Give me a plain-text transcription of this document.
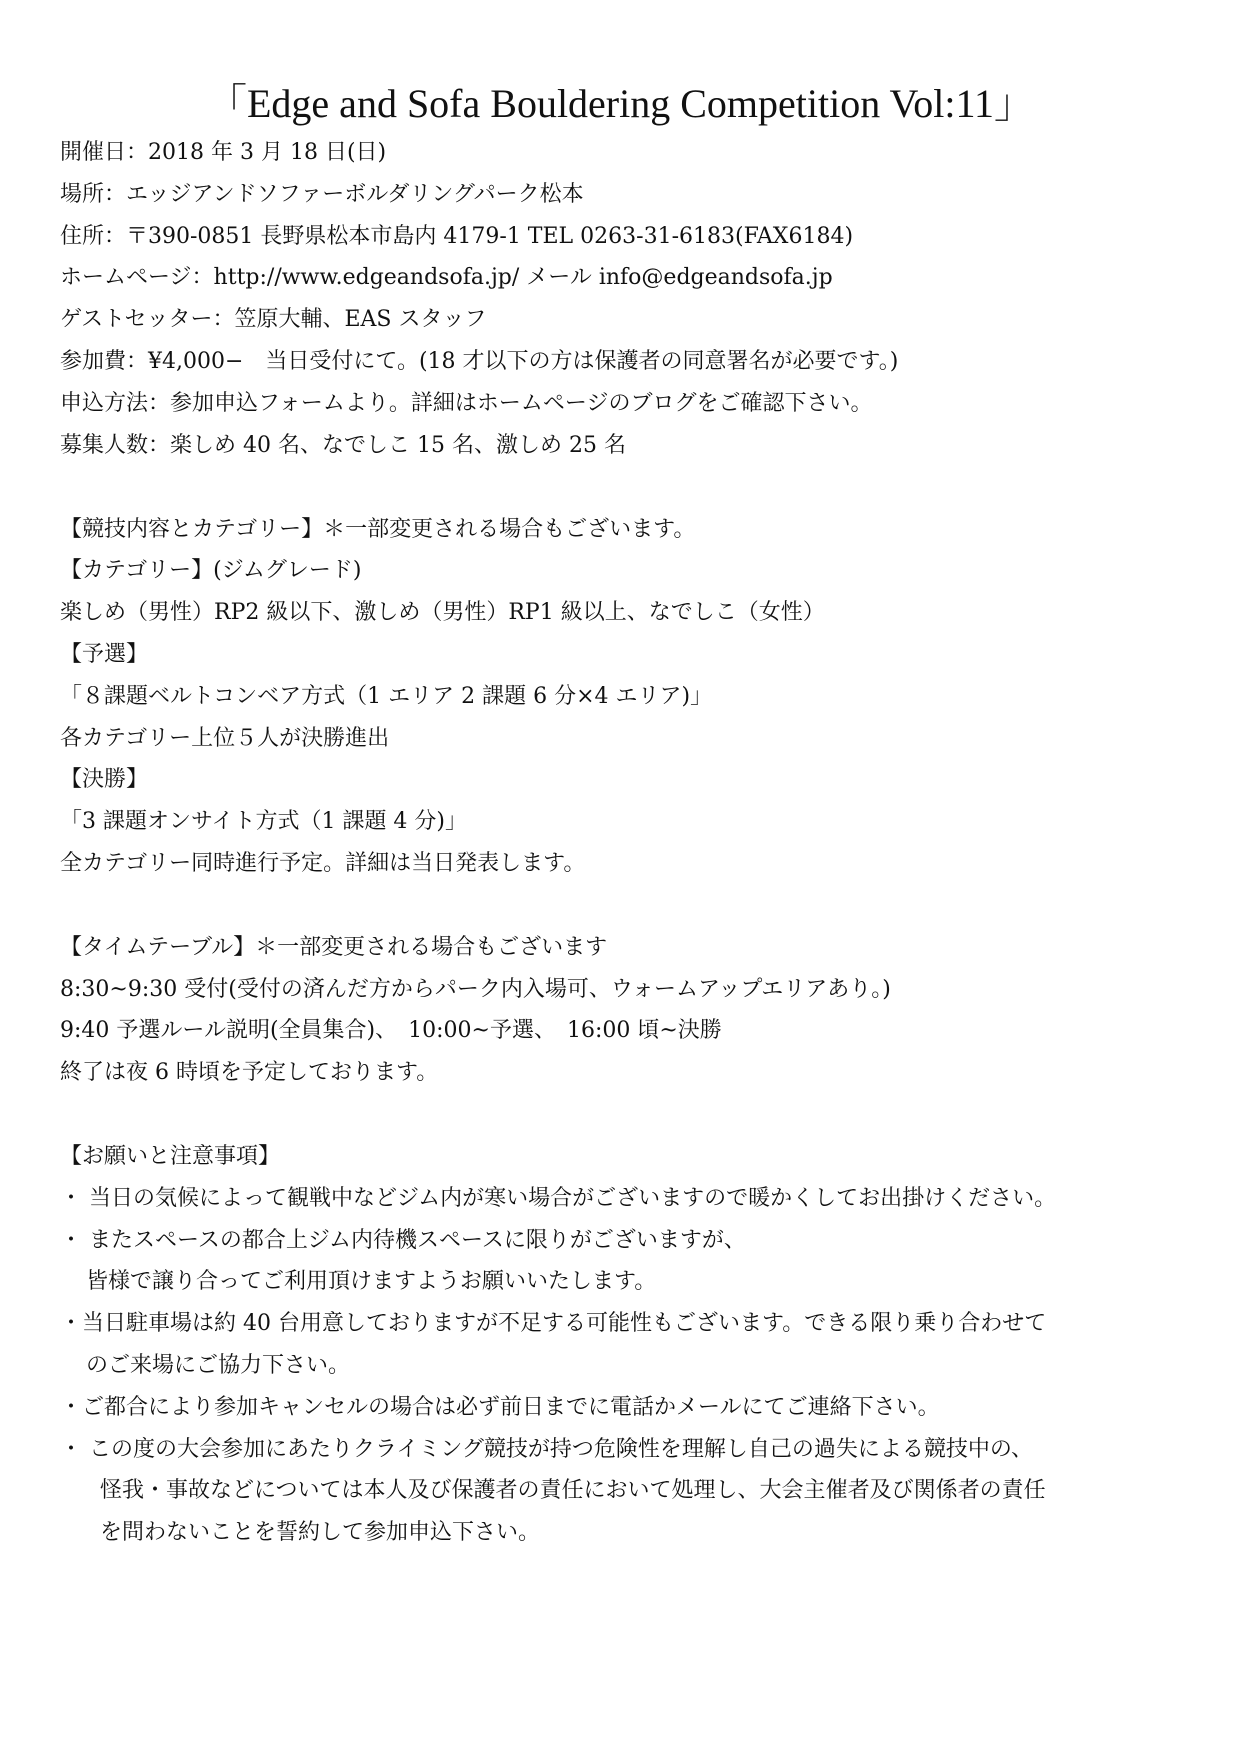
「Edge and Sofa Bouldering Competition Vol:11」
開催日：2018 年 3 月 18 日(日)
場所：エッジアンドソファーボルダリングパーク松本
住所：〒390-0851 長野県松本市島内 4179-1 TEL 0263-31-6183(FAX6184)
ホームページ：http://www.edgeandsofa.jp/ メール info@edgeandsofa.jp
ゲストセッター：笠原大輔、EAS スタッフ
参加費：¥4,000−　当日受付にて。(18 才以下の方は保護者の同意署名が必要です。)
申込方法：参加申込フォームより。詳細はホームページのブログをご確認下さい。
募集人数：楽しめ 40 名、なでしこ 15 名、激しめ 25 名
【競技内容とカテゴリー】＊一部変更される場合もございます。
【カテゴリー】(ジムグレード)
楽しめ（男性）RP2 級以下、激しめ（男性）RP1 級以上、なでしこ（女性）
【予選】
「８課題ベルトコンベア方式（1 エリア 2 課題 6 分×4 エリア)」
各カテゴリー上位５人が決勝進出
【決勝】
「3 課題オンサイト方式（1 課題 4 分)」
全カテゴリー同時進行予定。詳細は当日発表します。
【タイムテーブル】＊一部変更される場合もございます
8:30~9:30 受付(受付の済んだ方からパーク内入場可、ウォームアップエリアあり。)
9:40 予選ルール説明(全員集合)、　10:00~予選、　16:00 頃~決勝
終了は夜 6 時頃を予定しております。
【お願いと注意事項】
・ 当日の気候によって観戦中などジム内が寒い場合がございますので暖かくしてお出掛けください。
・ またスペースの都合上ジム内待機スペースに限りがございますが、
皆様で譲り合ってご利用頂けますようお願いいたします。
・当日駐車場は約 40 台用意しておりますが不足する可能性もございます。できる限り乗り合わせて
のご来場にご協力下さい。
・ご都合により参加キャンセルの場合は必ず前日までに電話かメールにてご連絡下さい。
・ この度の大会参加にあたりクライミング競技が持つ危険性を理解し自己の過失による競技中の、
怪我・事故などについては本人及び保護者の責任において処理し、大会主催者及び関係者の責任
を問わないことを誓約して参加申込下さい。
